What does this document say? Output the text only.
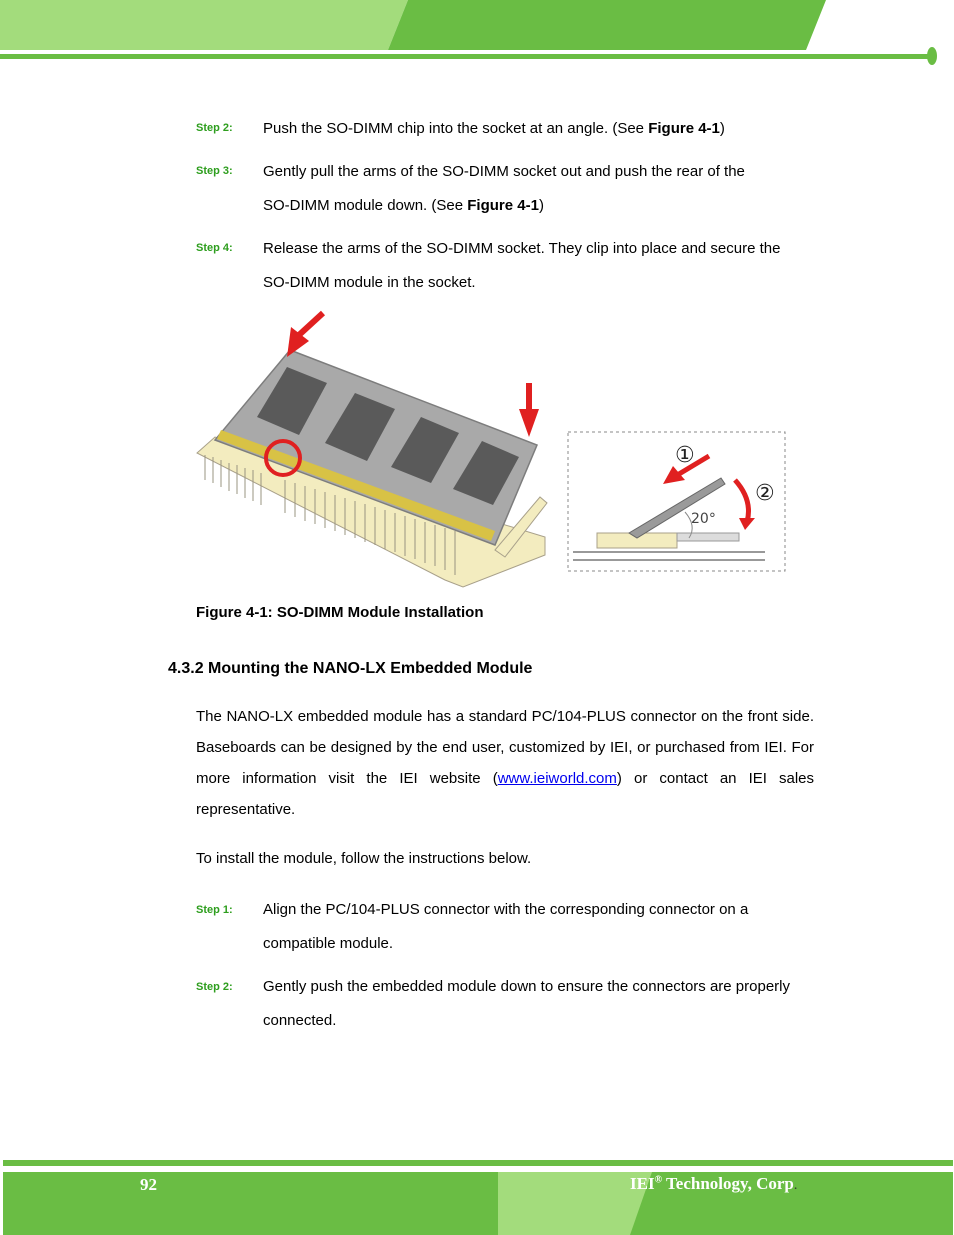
Step 2: Push the SO-DIMM chip into the socket at an angle. (See Figure 4-1)
Step 3: Gently pull the arms of the SO-DIMM socket out and push the rear of the
SO-DIMM module down. (See Figure 4-1)
Step 4: Release the arms of the SO-DIMM socket. They clip into place and secure the
SO-DIMM module in the socket.
20°
①
②
Figure 4-1: SO-DIMM Module Installation
4.3.2 Mounting the NANO-LX Embedded Module
The NANO-LX embedded module has a standard PC/104-PLUS connector on the front side. Baseboards can be designed by the end user, customized by IEI, or purchased from IEI. For more information visit the IEI website (www.ieiworld.com) or contact an IEI sales representative.
To install the module, follow the instructions below.
Step 1: Align the PC/104-PLUS connector with the corresponding connector on a
compatible module.
Step 2: Gently push the embedded module down to ensure the connectors are properly
connected.
92	IEI® Technology, Corp.
